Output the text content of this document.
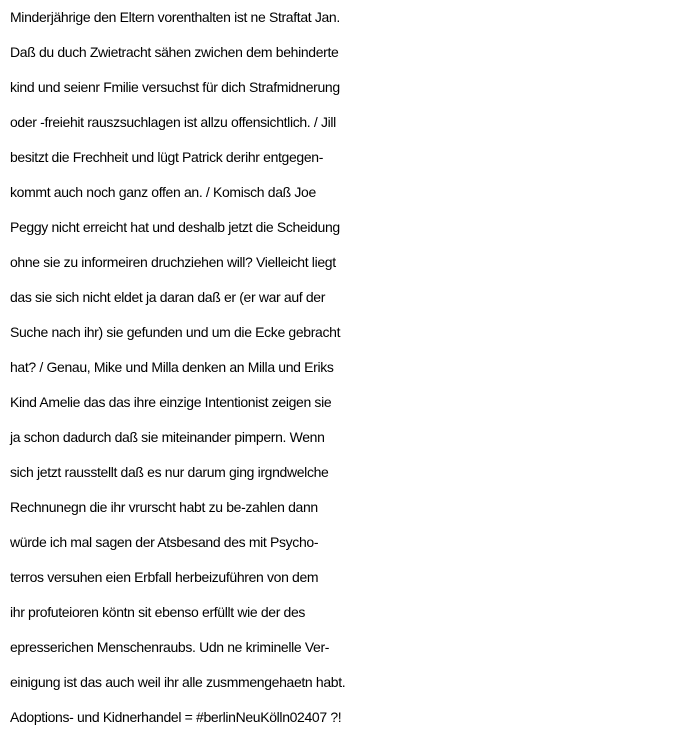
Minderjährige den Eltern vorenthalten ist ne Straftat Jan.

Daß du duch Zwietracht sähen zwichen dem behinderte

kind und seienr Fmilie versuchst für dich Strafmidnerung

oder -freiehit rauszsuchlagen ist allzu offensichtlich. / Jill

besitzt die Frechheit und lügt Patrick derihr entgegen-

kommt auch noch ganz offen an. / Komisch daß Joe

Peggy nicht erreicht hat und deshalb jetzt die Scheidung

ohne sie zu informeiren druchziehen will? Vielleicht liegt

das sie sich nicht eldet ja daran daß er (er war auf der

Suche nach ihr) sie gefunden und um die Ecke gebracht

hat? / Genau, Mike und Milla denken an Milla und Eriks

Kind Amelie das das ihre einzige Intentionist zeigen sie

ja schon dadurch daß sie miteinander pimpern. Wenn

sich jetzt rausstellt daß es nur darum ging irgndwelche

Rechnunegn die ihr vrurscht habt zu be-zahlen dann

würde ich mal sagen der Atsbesand des mit Psycho-

terros versuhen eien Erbfall herbeizuführen von dem

ihr profuteioren köntn sit ebenso erfüllt wie der des

epresserichen Menschenraubs. Udn ne kriminelle Ver-

einigung ist das auch weil ihr alle zusmmengehaetn habt.

Adoptions- und Kidnerhandel = #berlinNeuKölln02407 ?!
